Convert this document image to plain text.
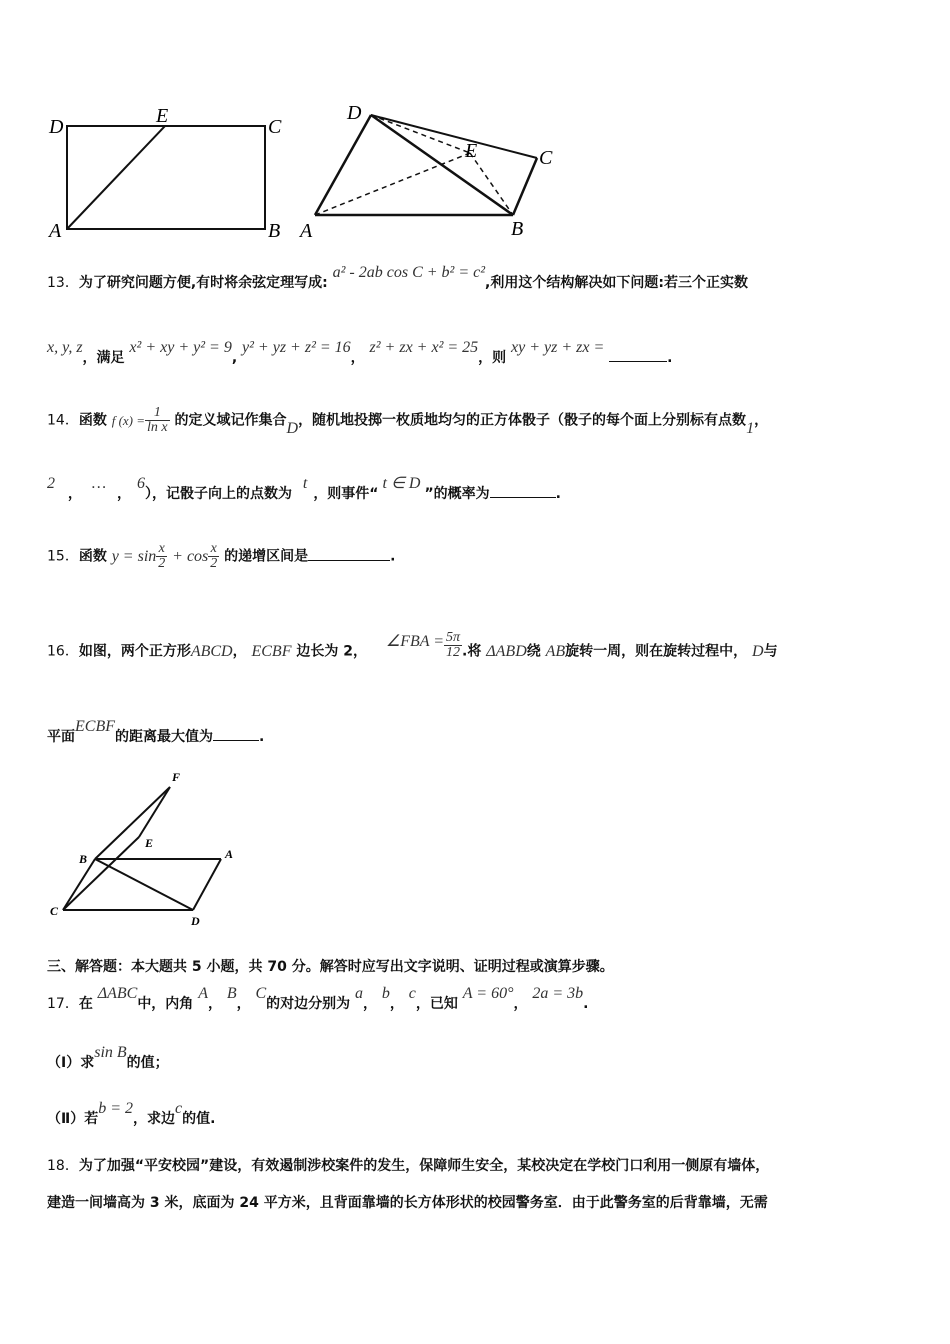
D	E	C
A	B
D
E	C
A	B
13．为了研究问题方便,有时将余弦定理写成: a² - 2ab cos C + b² = c²,利用这个结构解决如下问题:若三个正实数
x, y, z，满足 x² + xy + y² = 9, y² + yz + z² = 16， z² + zx + x² = 25，则 xy + yz + zx = .
14．函数 f $(x) = \frac{1}{\text{ln x}}$ 的定义域记作集合D，随机地投掷一枚质地均匀的正方体骰子（骰子的每个面上分别标有点数1，
2 ，… ，6），记骰子向上的点数为 t，则事件“t ∈ D”的概率为	.
15．函数 $y = \sin \frac{x}{2} + \cos \frac{x}{2}$ 的递增区间是	.
16．如图，两个正方形ABCD， ECBF 边长为 2， ∠FBA = $\frac{5\pi}{12}$ .将 ΔABD绕 AB旋转一周，则在旋转过程中， D与
平面ECBF的距离最大值为	.
F
E
B	A
C
D
三、解答题：本大题共 5 小题，共 70 分。解答时应写出文字说明、证明过程或演算步骤。
17．在 ΔABC中，内角 A， B， C的对边分别为 a， b， c，已知 A = 60°， 2a = 3b.
（Ⅰ）求sin B的值；
（Ⅱ）若b = 2，求边c的值.
18．为了加强“平安校园”建设，有效遏制涉校案件的发生，保障师生安全，某校决定在学校门口利用一侧原有墙体，
建造一间墙高为 3 米，底面为 24 平方米，且背面靠墙的长方体形状的校园警务室．由于此警务室的后背靠墙，无需
